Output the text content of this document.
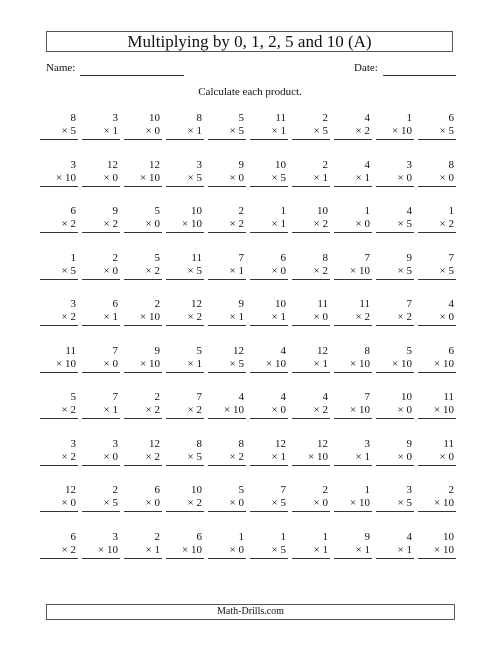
Multiplying by 0, 1, 2, 5 and 10 (A)
Name:	Date:
Calculate each product.
8
× 5
3
× 1
10
× 0
8
× 1
5
× 5
11
× 1
2
× 5
4
× 2
1
× 10
6
× 5
3
× 10
12
× 0
12
× 10
3
× 5
9
× 0
10
× 5
2
× 1
4
× 1
3
× 0
8
× 0
6
× 2
9
× 2
5
× 0
10
× 10
2
× 2
1
× 1
10
× 2
1
× 0
4
× 5
1
× 2
1
× 5
2
× 0
5
× 2
11
× 5
7
× 1
6
× 0
8
× 2
7
× 10
9
× 5
7
× 5
3
× 2
6
× 1
2
× 10
12
× 2
9
× 1
10
× 1
11
× 0
11
× 2
7
× 2
4
× 0
11
× 10
7
× 0
9
× 10
5
× 1
12
× 5
4
× 10
12
× 1
8
× 10
5
× 10
6
× 10
5
× 2
7
× 1
2
× 2
7
× 2
4
× 10
4
× 0
4
× 2
7
× 10
10
× 0
11
× 10
3
× 2
3
× 0
12
× 2
8
× 5
8
× 2
12
× 1
12
× 10
3
× 1
9
× 0
11
× 0
12
× 0
2
× 5
6
× 0
10
× 2
5
× 0
7
× 5
2
× 0
1
× 10
3
× 5
2
× 10
6
× 2
3
× 10
2
× 1
6
× 10
1
× 0
1
× 5
1
× 1
9
× 1
4
× 1
10
× 10
Math-Drills.com
